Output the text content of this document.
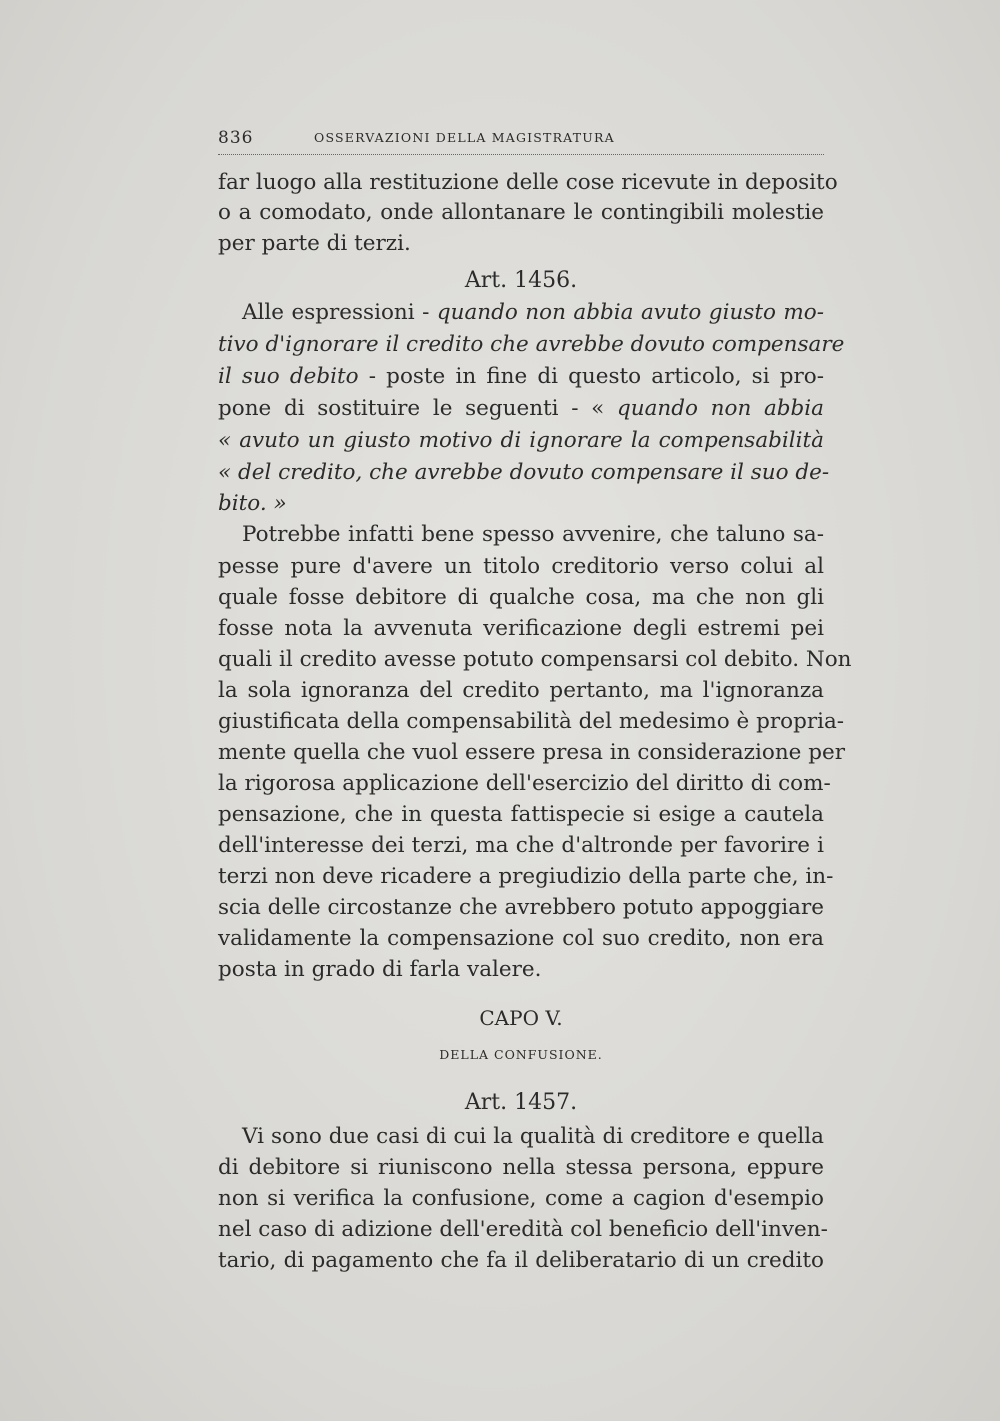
836	OSSERVAZIONI DELLA MAGISTRATURA
far luogo alla restituzione delle cose ricevute in deposito
o a comodato, onde allontanare le contingibili molestie
per parte di terzi.
Art. 1456.
Alle espressioni - quando non abbia avuto giusto mo-
tivo d'ignorare il credito che avrebbe dovuto compensare
il suo debito - poste in fine di questo articolo, si pro-
pone di sostituire le seguenti - « quando non abbia
« avuto un giusto motivo di ignorare la compensabilità
« del credito, che avrebbe dovuto compensare il suo de-
bito. »
Potrebbe infatti bene spesso avvenire, che taluno sa-
pesse pure d'avere un titolo creditorio verso colui al
quale fosse debitore di qualche cosa, ma che non gli
fosse nota la avvenuta verificazione degli estremi pei
quali il credito avesse potuto compensarsi col debito. Non
la sola ignoranza del credito pertanto, ma l'ignoranza
giustificata della compensabilità del medesimo è propria-
mente quella che vuol essere presa in considerazione per
la rigorosa applicazione dell'esercizio del diritto di com-
pensazione, che in questa fattispecie si esige a cautela
dell'interesse dei terzi, ma che d'altronde per favorire i
terzi non deve ricadere a pregiudizio della parte che, in-
scia delle circostanze che avrebbero potuto appoggiare
validamente la compensazione col suo credito, non era
posta in grado di farla valere.
CAPO V.
DELLA CONFUSIONE.
Art. 1457.
Vi sono due casi di cui la qualità di creditore e quella
di debitore si riuniscono nella stessa persona, eppure
non si verifica la confusione, come a cagion d'esempio
nel caso di adizione dell'eredità col beneficio dell'inven-
tario, di pagamento che fa il deliberatario di un credito
